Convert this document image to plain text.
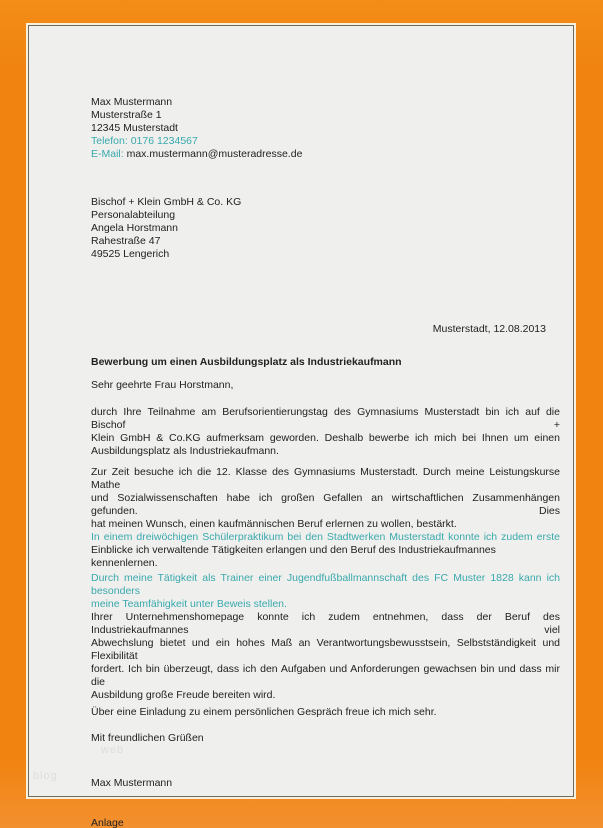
Max Mustermann
Musterstraße 1
12345 Musterstadt
Telefon: 0176 1234567
E-Mail: max.mustermann@musteradresse.de
Bischof + Klein GmbH & Co. KG
Personalabteilung
Angela Horstmann
Rahestraße 47
49525 Lengerich
Musterstadt, 12.08.2013
Bewerbung um einen Ausbildungsplatz als Industriekaufmann
Sehr geehrte Frau Horstmann,
durch Ihre Teilnahme am Berufsorientierungstag des Gymnasiums Musterstadt bin ich auf die Bischof +
Klein GmbH & Co.KG aufmerksam geworden. Deshalb bewerbe ich mich bei Ihnen um einen
Ausbildungsplatz als Industriekaufmann.
Zur Zeit besuche ich die 12. Klasse des Gymnasiums Musterstadt. Durch meine Leistungskurse Mathe
und Sozialwissenschaften habe ich großen Gefallen an wirtschaftlichen Zusammenhängen gefunden. Dies
hat meinen Wunsch, einen kaufmännischen Beruf erlernen zu wollen, bestärkt.
In einem dreiwöchigen Schülerpraktikum bei den Stadtwerken Musterstadt konnte ich zudem erste
Einblicke ich verwaltende Tätigkeiten erlangen und den Beruf des Industriekaufmannes kennenlernen.
Durch meine Tätigkeit als Trainer einer Jugendfußballmannschaft des FC Muster 1828 kann ich besonders
meine Teamfähigkeit unter Beweis stellen.
Ihrer Unternehmenshomepage konnte ich zudem entnehmen, dass der Beruf des Industriekaufmannes viel
Abwechslung bietet und ein hohes Maß an Verantwortungsbewusstsein, Selbstständigkeit und Flexibilität
fordert. Ich bin überzeugt, dass ich den Aufgaben und Anforderungen gewachsen bin und dass mir die
Ausbildung große Freude bereiten wird.
Über eine Einladung zu einem persönlichen Gespräch freue ich mich sehr.
Mit freundlichen Grüßen
Max Mustermann
Anlage
web
blog
